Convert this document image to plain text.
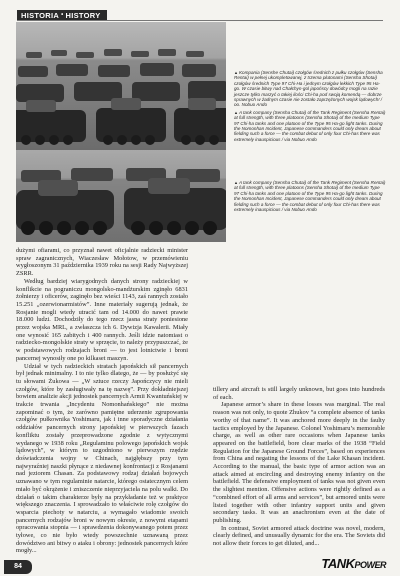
HISTORIA • HISTORY
▲Kompania (Senshe Chutai) czołgów średnich z pułku czołgów (Sensha Rentai) w pełnej ukompletowanej, z trzema plutonami (Sensha Shotai) czołgów średnich Type 97 Chi-Ha i jednym czołgów lekkich Type 95 Ha-go. W czasie bitwy nad Chałchyn-gol japońscy dowódcy mogli na razie jeszcze tylko marzyć o takiej ilości Chi-ha pod swoją komendą — dobrze sprawnych w żadnym czasie nie zostało zaprzężonych wojsk lądowych! / oo. Nobuo Ando
▲A tank company (Sensha Chutai) of the Tank Regiment (Sensha Rentai) at full strength, with three platoons (Sensha Shotai) of the medium Type 97 Chi-ha tanks and one platoon of the Type 95 Ha-go light tanks. During the Nomonhan Incident, Japanese commanders could only dream about fielding such a force — the combat debut of only four Chi-has there was extremely inauspicious / via Nobuo Ando
▲A tank company (Sensha Chutai) of the Tank Regiment (Sensha Rentai) at full strength, with three platoons (Sensha Shotai) of the medium Type 97 Chi-ha tanks and one platoon of the Type 95 Ha-go light tanks. During the Nomonhan Incident, Japanese commanders could only dream about fielding such a force — the combat debut of only four Chi-has there was extremely inauspicious / via Nobuo Ando

dużymi ofiarami, co przyznał nawet oficjalnie radziecki minister spraw zagranicznych, Wiaczesław Mołotow, w przemówieniu wygłoszonym 31 października 1939 roku na sesji Rady Najwyższej ZSRR.

Według bardziej wiarygodnych danych strony radzieckiej w konflikcie na pograniczu mongolsko-mandżurskim zginęło 6831 żołnierzy i oficerów, zaginęło bez wieści 1143, zaś rannych zostało 15.251 „ozerwionarmistów”. Inne materiały sugerują jednak, że Rosjanie mogli wtedy utracić tam od 14.000 do nawet prawie 18.000 ludzi. Dochodziły do tego rzecz jasna straty poniesione przez wojska MRL, a zwłaszcza ich 6. Dywizja Kawalerii. Miały one wynosić 165 zabitych i 400 rannych. Jeśli idzie natomiast o radziecko-mongolskie straty w sprzęcie, to należy przypuszczać, że w podstawowych rodzajach broni — to jest lotnictwie i broni pancernej wynosiły one po kilkaset maszyn.

Udział w tych radzieckich stratach japońskich sił pancernych był jednak minimalny. I to nie tylko dlatego, że — by posłużyć się tu słowami Żukowa — „W sztuce rzeczy Japończycy nie mieli czołgów, które by zasługiwały na tę nazwę”. Przy dokładniejszej bowiem analizie akcji jednostek pancernych Armii Kwantuńskiej w trakcie trwania „Incydentu Nomonhańskiego” nie można zapominać o tym, że zarówno pamiętne uderzenie zgrupowania czołgów pułkownika Yoshimaru, jak i inne sporadyczne działania oddziałów pancernych strony japońskiej w pierwszych fazach konfliktu zostały przeprowadzone zgodnie z wytycznymi wydanego w 1938 roku „Regulaminu polowego japońskich wojsk lądowych”, w którym to uzgodniono w pierwszym rzędzie doświadczenia wojny w Chinach, najgłębszy przy tym najwyraźniej naszki płynące z niedawnej konfrontacji z Rosjanami nad jeziorem Chasan. Za podstawowy rodzaj działań bojowych uznawano w tym regulaminie natarcie, którego ostatecznym celem miało być okrążenie i zniszczenie nieprzyjaciela na polu walki. Do działań o takim charakterze były na przykładanie też w praktyce większego znaczenia. I sprowadzało to właściwie rolę czołgów do wsparcia piechoty w natarciu, a wymagało wiadomie swoich pancernych rodzajów broni w nowym okresie, z nowymi etapami opracowania stopnia — i sprawdzenia dokonywanego potem przez tyłowe, co nie było wtedy powszechnie uznawaną przez dowództwo ani bitwy o ataku i obrony: jednostek pancernych które mogły...

tillery and aircraft is still largely unknown, but goes into hundreds of each.

Japanese armor’s share in these losses was marginal. The real reason was not only, to quote Zhukov “a complete absence of tanks worthy of that name”. It was anchored more deeply in the faulty tactics employed by the Japanese. Colonel Yoshimaru’s memorable charge, as well as other rare occasions when Japanese tanks appeared on the battlefield, bore clear marks of the 1938 “Field Regulation for the Japanese Ground Forces”, based on experiences from China and negating the lessons of the Lake Khasan incident. According to the manual, the basic type of armor action was an attack aimed at encircling and destroying enemy infantry on the battlefield. The defensive employment of tanks was not given even the slightest mention. Offensive actions were rightly defined as a “combined effort of all arms and services”, but armored units were listed together with other infantry support units and given secondary tasks. It was an anachronism even at the date of publishing.

In contrast, Soviet armored attack doctrine was novel, modern, clearly defined, and unusually dynamic for the era. The Soviets did not allow their forces to get diluted, and...

84	TANKPOWER
